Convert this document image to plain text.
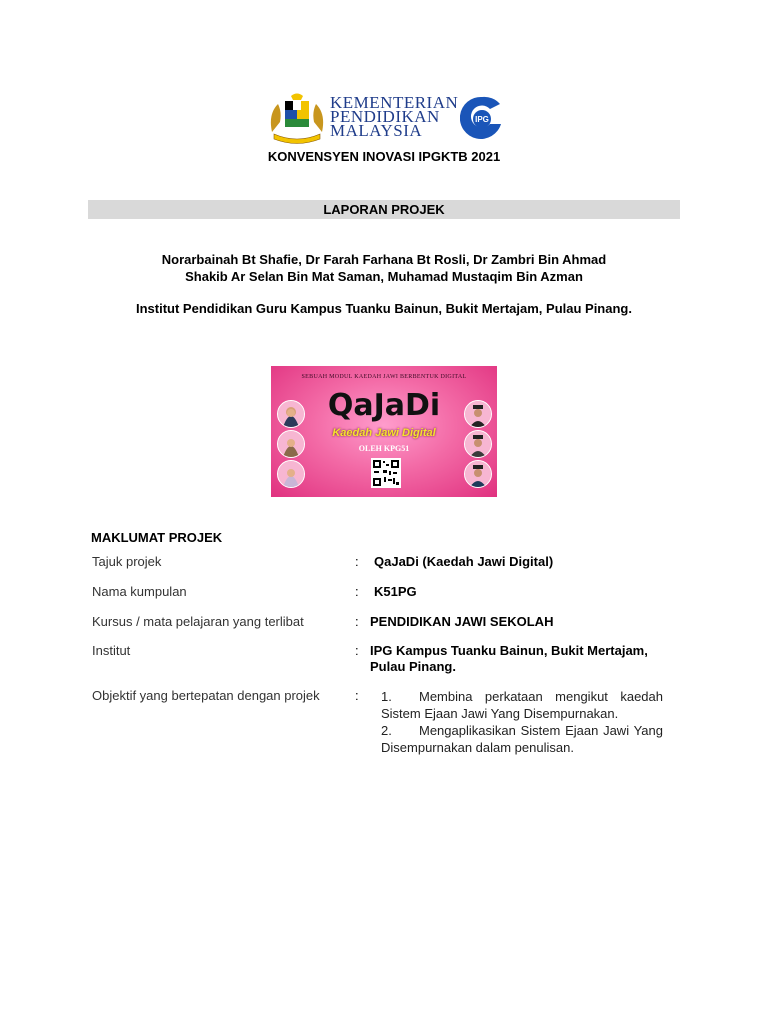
KEMENTERIAN
PENDIDIKAN
MALAYSIA
IPG
KONVENSYEN INOVASI IPGKTB 2021
LAPORAN PROJEK
Norarbainah Bt Shafie, Dr Farah Farhana Bt Rosli, Dr Zambri Bin Ahmad
Shakib Ar Selan Bin Mat Saman, Muhamad Mustaqim Bin Azman
Institut Pendidikan Guru Kampus Tuanku Bainun, Bukit Mertajam, Pulau Pinang.
SEBUAH MODUL KAEDAH JAWI BERBENTUK DIGITAL
QaJaDi
Kaedah Jawi Digital
OLEH KPG51
MAKLUMAT PROJEK
Tajuk projek	: QaJaDi (Kaedah Jawi Digital)
Nama kumpulan	: K51PG
Kursus / mata pelajaran yang terlibat	: PENDIDIKAN JAWI SEKOLAH
Institut	: IPG Kampus Tuanku Bainun, Bukit Mertajam,
Pulau Pinang.
Objektif yang bertepatan dengan projek	: 1. Membina perkataan mengikut kaedah Sistem Ejaan Jawi Yang Disempurnakan.
2. Mengaplikasikan Sistem Ejaan Jawi Yang Disempurnakan dalam penulisan.
